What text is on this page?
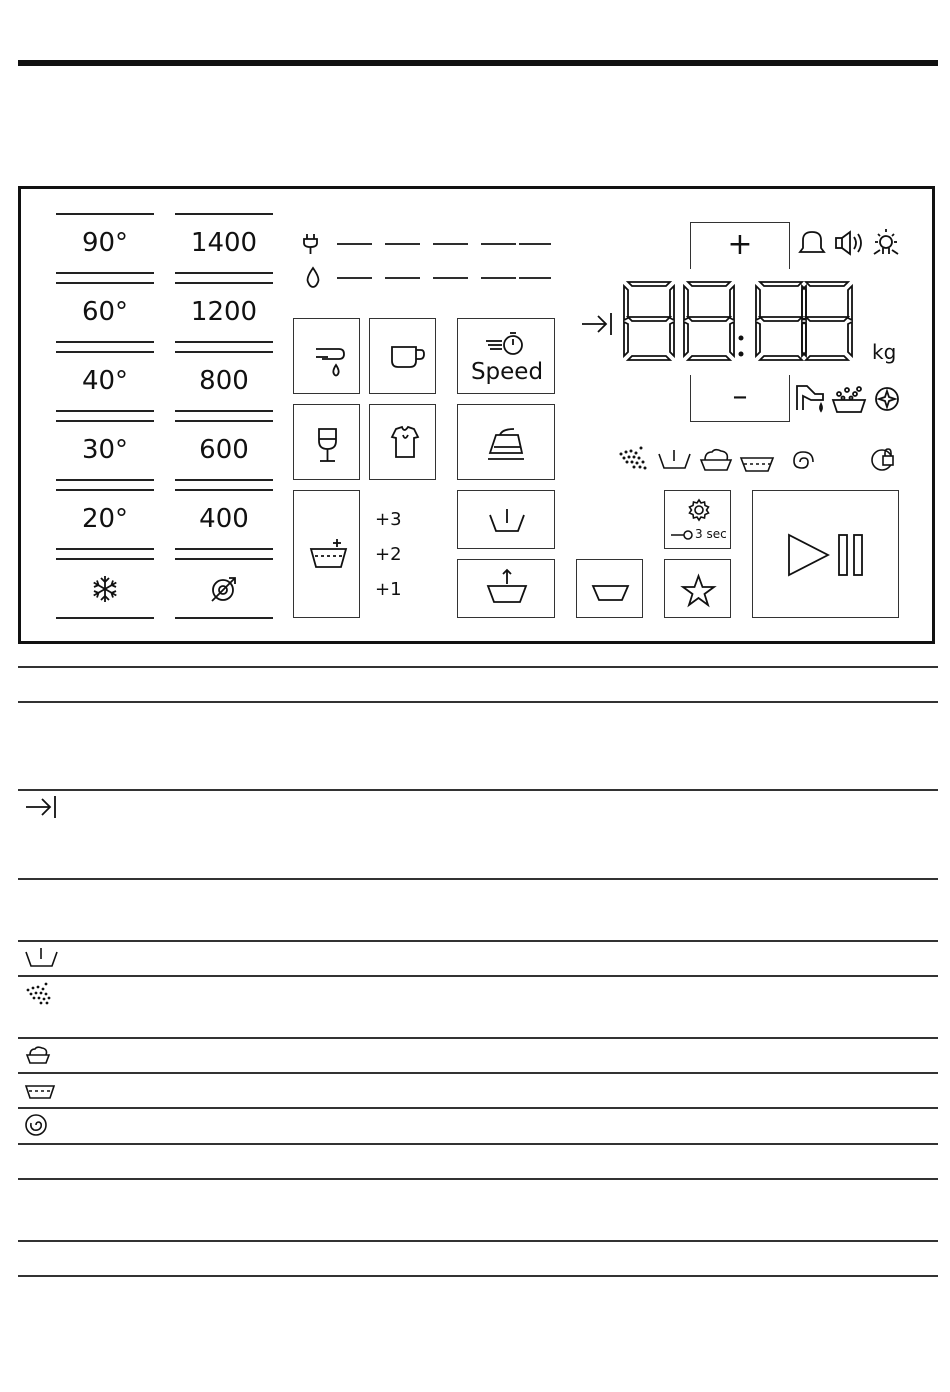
90°
60°
40°
30°
20°
1400
1200
800
600
400	+3
+2
+1
Speed
3 sec
+
–
kg
